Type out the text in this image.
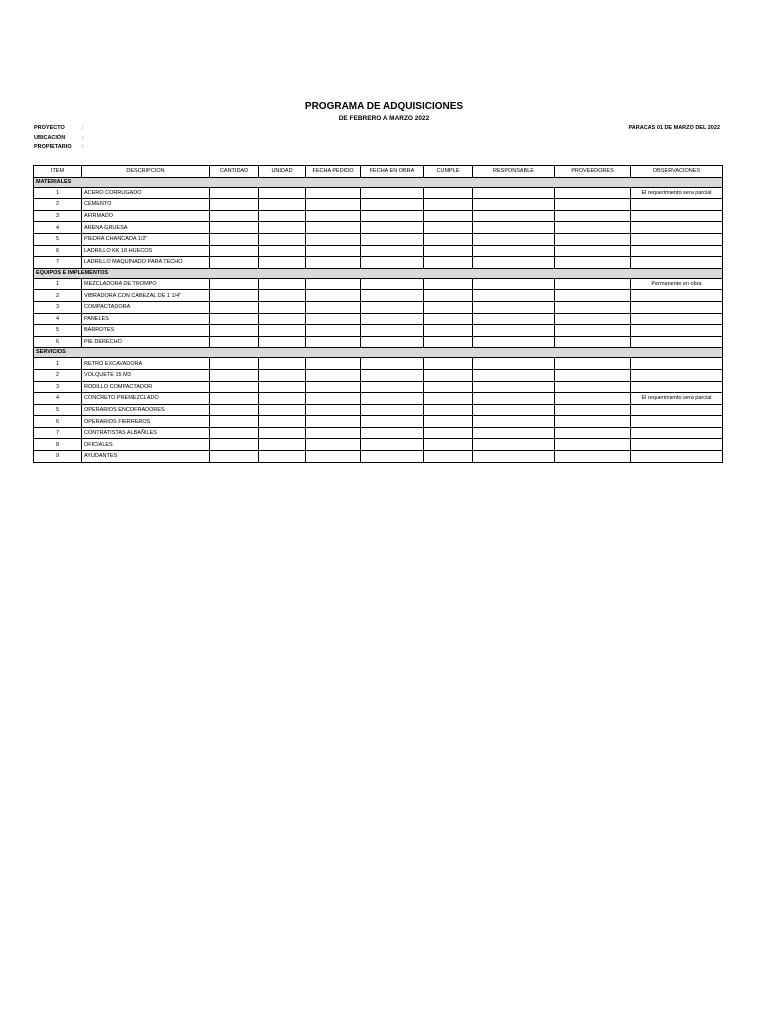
PROGRAMA DE ADQUISICIONES
DE FEBRERO A MARZO 2022
PROYECTO	:
UBICACIÓN	:
PROPIETARIO	:
PARACAS 01 DE MARZO DEL 2022
ITEM	DESCRIPCION	CANTIDAD	UNIDAD	FECHA PEDIDO	FECHA EN OBRA	CUMPLE	RESPONSABLE	PROVEEDORES	OBSERVACIONES
MATERIALES									
1	ACERO CORRUGADO								El requerimiento sera parcial
2	CEMENTO								
3	AFIRMADO								
4	ARENA GRUESA								
5	PIEDRA CHANCADA 1/2"								
6	LADRILLO KK 18 HUECOS								
7	LADRILLO MAQUINADO PARA TECHO								
EQUIPOS E IMPLEMENTOS									
1	MEZCLADORA DE TROMPO								Permanente en obra
2	VIBRADORA CON CABEZAL DE 1 1/4"								
3	COMPACTADORA								
4	PANELES								
5	BARROTES								
6	PIE DERECHO								
SERVICIOS									
1	RETRO EXCAVADORA								
2	VOLQUETE 15 M3								
3	RODILLO COMPACTADOR								
4	CONCRETO PREMEZCLADO								El requerimiento sera parcial
5	OPERARIOS ENCOFRADORES								
6	OPERARIOS FIERREROS								
7	CONTRATISTAS ALBAÑILES								
8	OFICIALES								
9	AYUDANTES								
